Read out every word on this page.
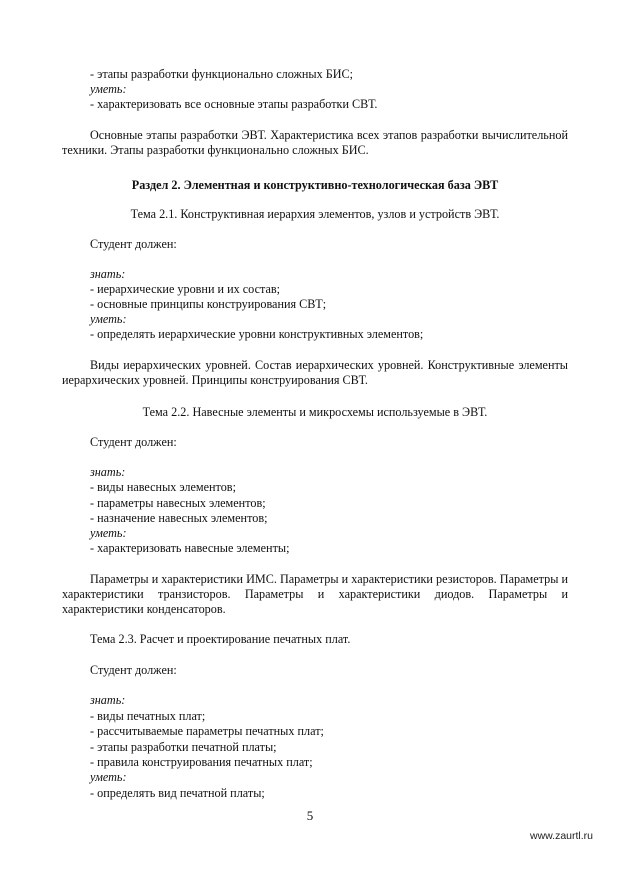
- этапы разработки функционально сложных БИС;
уметь:
- характеризовать все основные этапы разработки СВТ.
Основные этапы разработки ЭВТ. Характеристика всех этапов разработки вычислительной техники. Этапы разработки функционально сложных БИС.
Раздел 2. Элементная и конструктивно-технологическая база ЭВТ
Тема 2.1. Конструктивная иерархия элементов, узлов и устройств ЭВТ.
Студент должен:
знать:
- иерархические уровни и их состав;
- основные принципы конструирования СВТ;
уметь:
- определять иерархические уровни конструктивных элементов;
Виды иерархических уровней. Состав иерархических уровней. Конструктивные элементы иерархических уровней. Принципы конструирования СВТ.
Тема 2.2. Навесные элементы и микросхемы используемые в ЭВТ.
Студент должен:
знать:
- виды навесных элементов;
- параметры навесных элементов;
- назначение навесных элементов;
уметь:
- характеризовать навесные элементы;
Параметры и характеристики ИМС. Параметры и характеристики резисторов. Параметры и характеристики транзисторов. Параметры и характеристики диодов. Параметры и характеристики конденсаторов.
Тема 2.3. Расчет и проектирование печатных плат.
Студент должен:
знать:
- виды печатных плат;
- рассчитываемые параметры печатных плат;
- этапы разработки печатной платы;
- правила конструирования печатных плат;
уметь:
- определять вид печатной платы;
5
www.zaurtl.ru
